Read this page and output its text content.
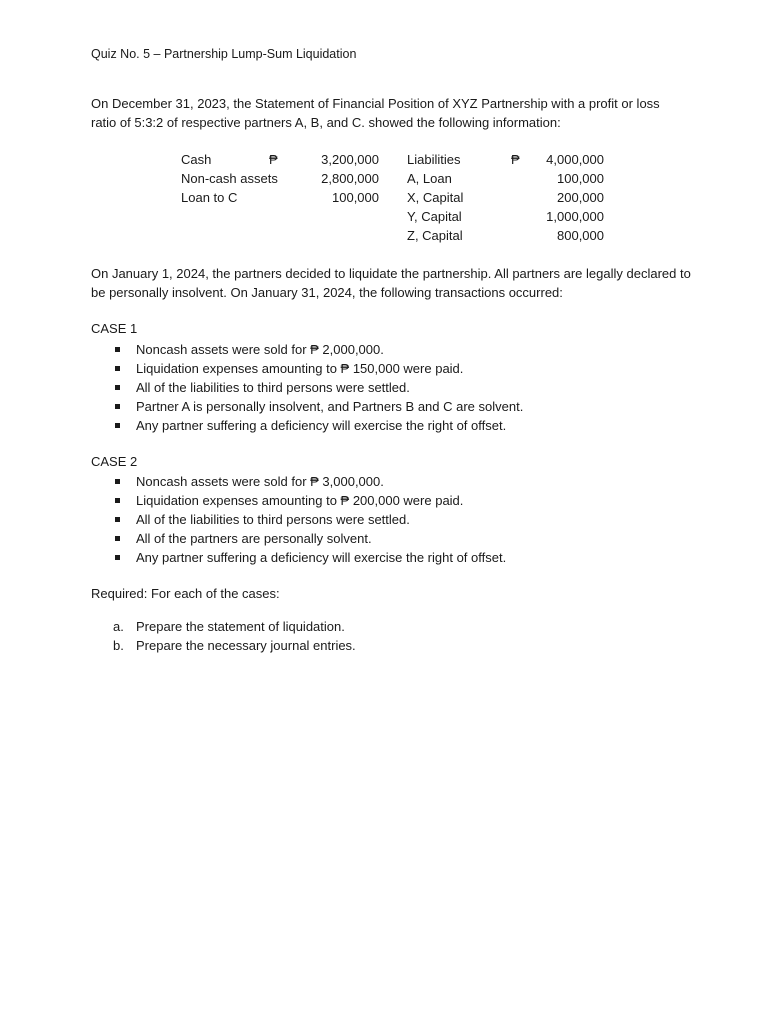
Quiz No. 5 – Partnership Lump-Sum Liquidation
On December 31, 2023, the Statement of Financial Position of XYZ Partnership with a profit or loss ratio of 5:3:2 of respective partners A, B, and C. showed the following information:
Cash	₱	3,200,000 Liabilities	₱ 4,000,000
Non-cash assets	2,800,000 A, Loan	100,000
Loan to C	100,000 X, Capital	200,000
Y, Capital	1,000,000
Z, Capital	800,000
On January 1, 2024, the partners decided to liquidate the partnership. All partners are legally declared to be personally insolvent. On January 31, 2024, the following transactions occurred:
CASE 1
Noncash assets were sold for ₱ 2,000,000.
Liquidation expenses amounting to ₱ 150,000 were paid.
All of the liabilities to third persons were settled.
Partner A is personally insolvent, and Partners B and C are solvent.
Any partner suffering a deficiency will exercise the right of offset.
CASE 2
Noncash assets were sold for ₱ 3,000,000.
Liquidation expenses amounting to ₱ 200,000 were paid.
All of the liabilities to third persons were settled.
All of the partners are personally solvent.
Any partner suffering a deficiency will exercise the right of offset.
Required: For each of the cases:
a. Prepare the statement of liquidation.
b. Prepare the necessary journal entries.
